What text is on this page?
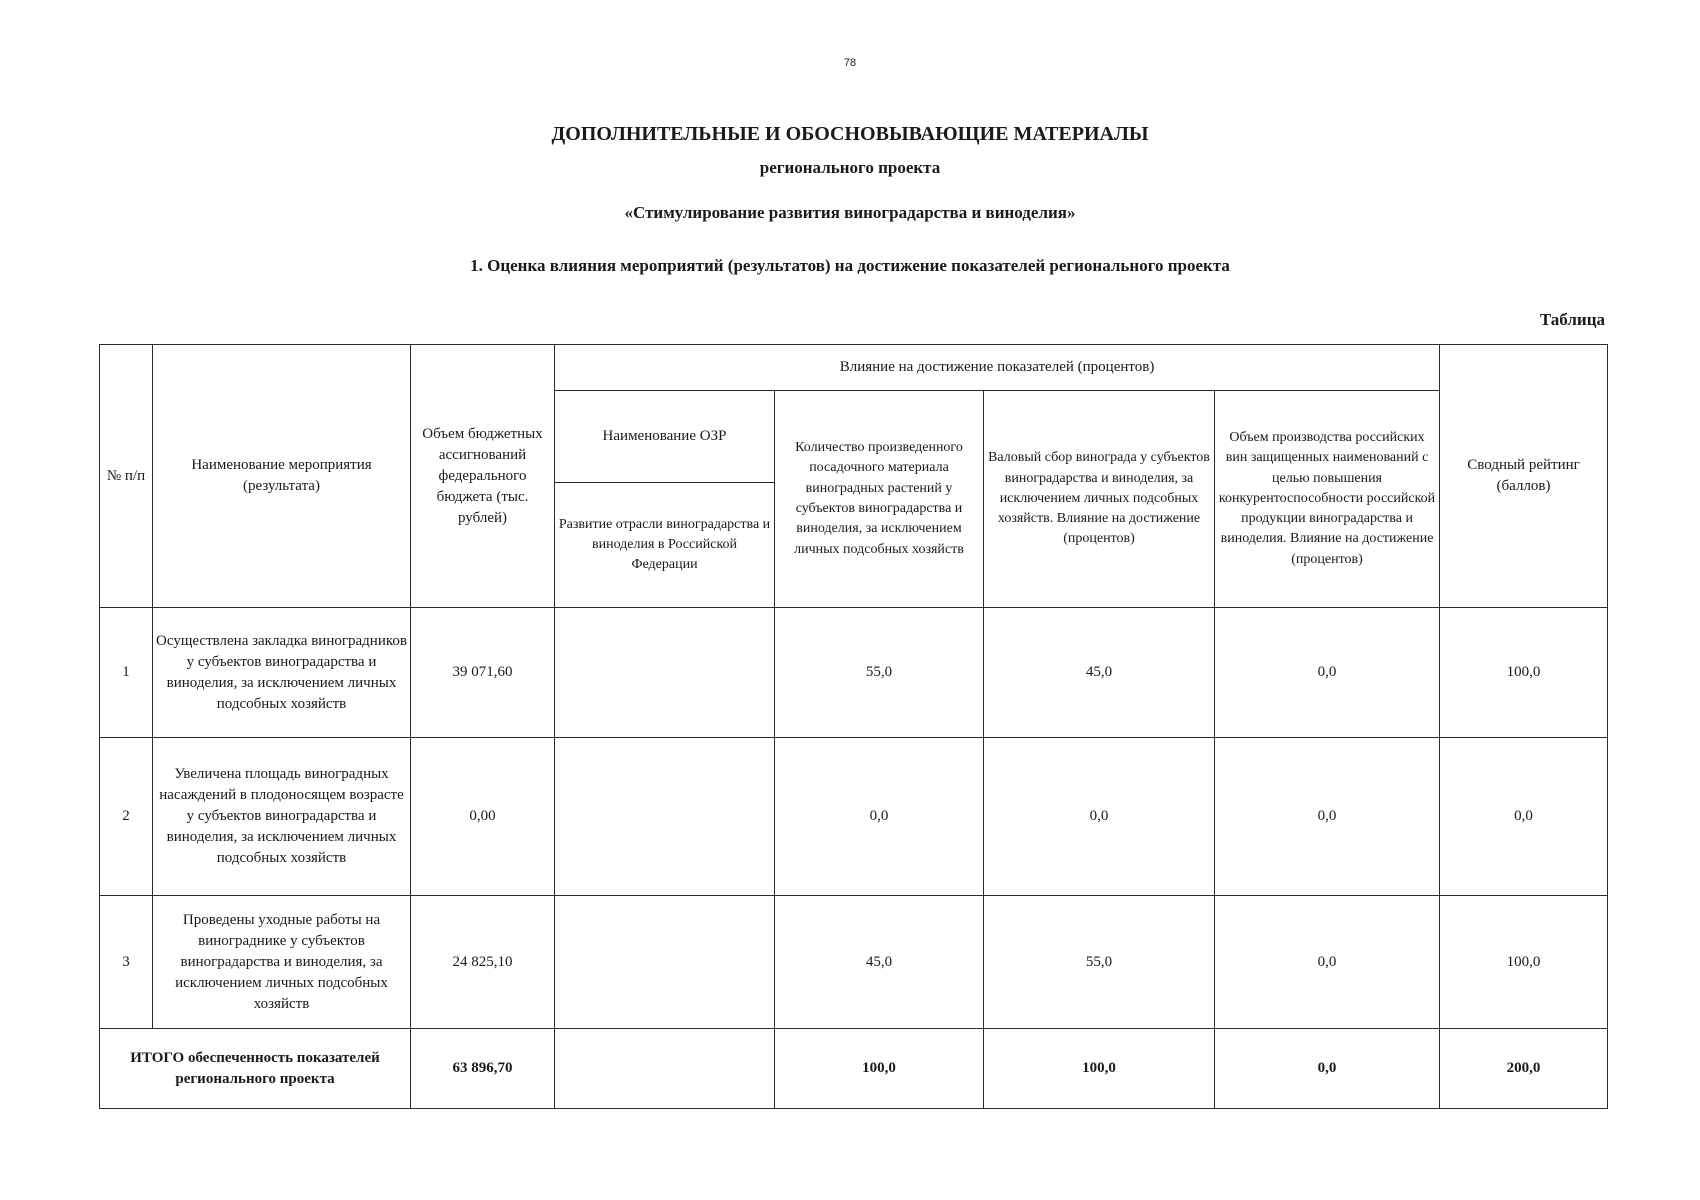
78
ДОПОЛНИТЕЛЬНЫЕ И ОБОСНОВЫВАЮЩИЕ МАТЕРИАЛЫ
регионального проекта
«Стимулирование развития виноградарства и виноделия»
1. Оценка влияния мероприятий (результатов) на достижение показателей регионального проекта
Таблица
№ п/п	Наименование мероприятия (результата)	Объем бюджетных ассигнований федерального бюджета (тыс. рублей)	Влияние на достижение показателей (процентов)				Сводный рейтинг (баллов)
			Наименование ОЗР	Количество произведенного посадочного материала виноградных растений у субъектов виноградарства и виноделия, за исключением личных подсобных хозяйств	Валовый сбор винограда у субъектов виноградарства и виноделия, за исключением личных подсобных хозяйств. Влияние на достижение (процентов)	Объем производства российских вин защищенных наименований с целью повышения конкурентоспособности российской продукции виноградарства и виноделия. Влияние на достижение (процентов)	
			Развитие отрасли виноградарства и виноделия в Российской Федерации				
1	Осуществлена закладка виноградников у субъектов виноградарства и виноделия, за исключением личных подсобных хозяйств	39 071,60		55,0	45,0	0,0	100,0
2	Увеличена площадь виноградных насаждений в плодоносящем возрасте у субъектов виноградарства и виноделия, за исключением личных подсобных хозяйств	0,00		0,0	0,0	0,0	0,0
3	Проведены уходные работы на винограднике у субъектов виноградарства и виноделия, за исключением личных подсобных хозяйств	24 825,10		45,0	55,0	0,0	100,0
ИТОГО обеспеченность показателей регионального проекта		63 896,70		100,0	100,0	0,0	200,0
